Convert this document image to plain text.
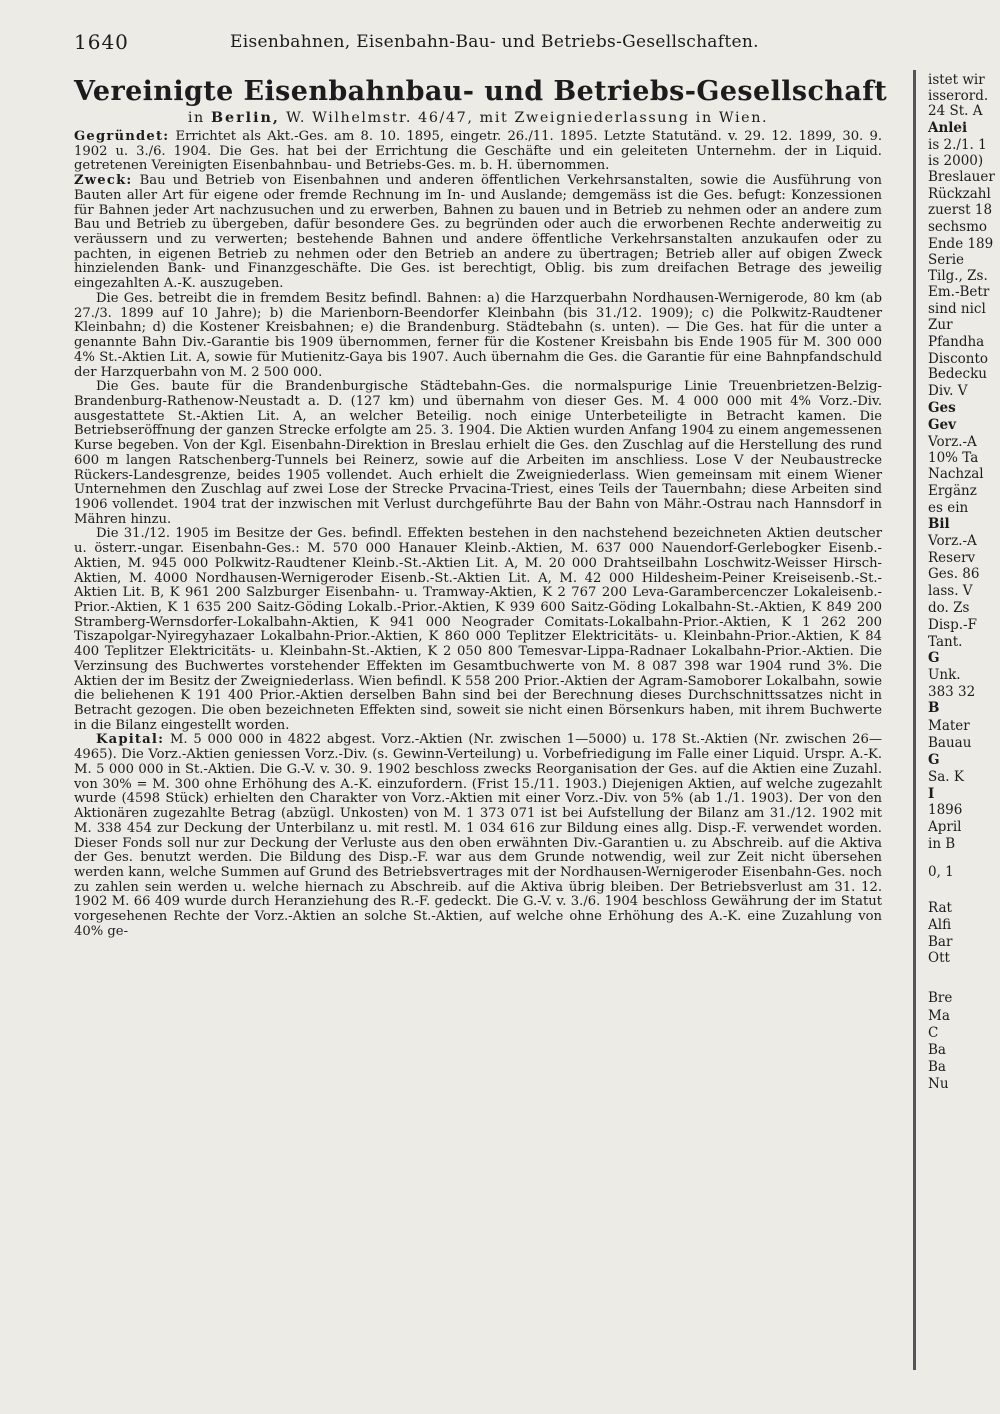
1640	Eisenbahnen, Eisenbahn-Bau- und Betriebs-Gesellschaften.
Vereinigte Eisenbahnbau- und Betriebs-Gesellschaft
in Berlin, W. Wilhelmstr. 46/47, mit Zweigniederlassung in Wien.

Gegründet: Errichtet als Akt.-Ges. am 8. 10. 1895, eingetr. 26./11. 1895. Letzte Statutänd. v. 29. 12. 1899, 30. 9. 1902 u. 3./6. 1904. Die Ges. hat bei der Errichtung die Geschäfte und ein geleiteten Unternehm. der in Liquid. getretenen Vereinigten Eisenbahnbau- und Betriebs-Ges. m. b. H. übernommen.

Zweck: Bau und Betrieb von Eisenbahnen und anderen öffentlichen Verkehrsanstalten, sowie die Ausführung von Bauten aller Art für eigene oder fremde Rechnung im In- und Auslande; demgemäss ist die Ges. befugt: Konzessionen für Bahnen jeder Art nachzusuchen und zu erwerben, Bahnen zu bauen und in Betrieb zu nehmen oder an andere zum Bau und Betrieb zu übergeben, dafür besondere Ges. zu begründen oder auch die erworbenen Rechte anderweitig zu veräussern und zu verwerten; bestehende Bahnen und andere öffentliche Verkehrsanstalten anzukaufen oder zu pachten, in eigenen Betrieb zu nehmen oder den Betrieb an andere zu übertragen; Betrieb aller auf obigen Zweck hinzielenden Bank- und Finanzgeschäfte. Die Ges. ist berechtigt, Oblig. bis zum dreifachen Betrage des jeweilig eingezahlten A.-K. auszugeben.

Die Ges. betreibt die in fremdem Besitz befindl. Bahnen: a) die Harzquerbahn Nordhausen-Wernigerode, 80 km (ab 27./3. 1899 auf 10 Jahre); b) die Marienborn-Beendorfer Kleinbahn (bis 31./12. 1909); c) die Polkwitz-Raudtener Kleinbahn; d) die Kostener Kreisbahnen; e) die Brandenburg. Städtebahn (s. unten). — Die Ges. hat für die unter a genannte Bahn Div.-Garantie bis 1909 übernommen, ferner für die Kostener Kreisbahn bis Ende 1905 für M. 300 000 4% St.-Aktien Lit. A, sowie für Mutienitz-Gaya bis 1907. Auch übernahm die Ges. die Garantie für eine Bahnpfandschuld der Harzquerbahn von M. 2 500 000.

Die Ges. baute für die Brandenburgische Städtebahn-Ges. die normalspurige Linie Treuenbrietzen-Belzig-Brandenburg-Rathenow-Neustadt a. D. (127 km) und übernahm von dieser Ges. M. 4 000 000 mit 4% Vorz.-Div. ausgestattete St.-Aktien Lit. A, an welcher Beteilig. noch einige Unterbeteiligte in Betracht kamen. Die Betriebseröffnung der ganzen Strecke erfolgte am 25. 3. 1904. Die Aktien wurden Anfang 1904 zu einem angemessenen Kurse begeben. Von der Kgl. Eisenbahn-Direktion in Breslau erhielt die Ges. den Zuschlag auf die Herstellung des rund 600 m langen Ratschenberg-Tunnels bei Reinerz, sowie auf die Arbeiten im anschliess. Lose V der Neubaustrecke Rückers-Landesgrenze, beides 1905 vollendet. Auch erhielt die Zweigniederlass. Wien gemeinsam mit einem Wiener Unternehmen den Zuschlag auf zwei Lose der Strecke Prvacina-Triest, eines Teils der Tauernbahn; diese Arbeiten sind 1906 vollendet. 1904 trat der inzwischen mit Verlust durchgeführte Bau der Bahn von Mähr.-Ostrau nach Hannsdorf in Mähren hinzu.

Die 31./12. 1905 im Besitze der Ges. befindl. Effekten bestehen in den nachstehend bezeichneten Aktien deutscher u. österr.-ungar. Eisenbahn-Ges.: M. 570 000 Hanauer Kleinb.-Aktien, M. 637 000 Nauendorf-Gerlebogker Eisenb.-Aktien, M. 945 000 Polkwitz-Raudtener Kleinb.-St.-Aktien Lit. A, M. 20 000 Drahtseilbahn Loschwitz-Weisser Hirsch-Aktien, M. 4000 Nordhausen-Wernigeroder Eisenb.-St.-Aktien Lit. A, M. 42 000 Hildesheim-Peiner Kreiseisenb.-St.-Aktien Lit. B, K 961 200 Salzburger Eisenbahn- u. Tramway-Aktien, K 2 767 200 Leva-Garambercenczer Lokaleisenb.-Prior.-Aktien, K 1 635 200 Saitz-Göding Lokalb.-Prior.-Aktien, K 939 600 Saitz-Göding Lokalbahn-St.-Aktien, K 849 200 Stramberg-Wernsdorfer-Lokalbahn-Aktien, K 941 000 Neograder Comitats-Lokalbahn-Prior.-Aktien, K 1 262 200 Tiszapolgar-Nyiregyhazaer Lokalbahn-Prior.-Aktien, K 860 000 Teplitzer Elektricitäts- u. Kleinbahn-Prior.-Aktien, K 84 400 Teplitzer Elektricitäts- u. Kleinbahn-St.-Aktien, K 2 050 800 Temesvar-Lippa-Radnaer Lokalbahn-Prior.-Aktien. Die Verzinsung des Buchwertes vorstehender Effekten im Gesamtbuchwerte von M. 8 087 398 war 1904 rund 3%. Die Aktien der im Besitz der Zweigniederlass. Wien befindl. K 558 200 Prior.-Aktien der Agram-Samoborer Lokalbahn, sowie die beliehenen K 191 400 Prior.-Aktien derselben Bahn sind bei der Berechnung dieses Durchschnittssatzes nicht in Betracht gezogen. Die oben bezeichneten Effekten sind, soweit sie nicht einen Börsenkurs haben, mit ihrem Buchwerte in die Bilanz eingestellt worden.

Kapital: M. 5 000 000 in 4822 abgest. Vorz.-Aktien (Nr. zwischen 1—5000) u. 178 St.-Aktien (Nr. zwischen 26—4965). Die Vorz.-Aktien geniessen Vorz.-Div. (s. Gewinn-Verteilung) u. Vorbefriedigung im Falle einer Liquid. Urspr. A.-K. M. 5 000 000 in St.-Aktien. Die G.-V. v. 30. 9. 1902 beschloss zwecks Reorganisation der Ges. auf die Aktien eine Zuzahl. von 30% = M. 300 ohne Erhöhung des A.-K. einzufordern. (Frist 15./11. 1903.) Diejenigen Aktien, auf welche zugezahlt wurde (4598 Stück) erhielten den Charakter von Vorz.-Aktien mit einer Vorz.-Div. von 5% (ab 1./1. 1903). Der von den Aktionären zugezahlte Betrag (abzügl. Unkosten) von M. 1 373 071 ist bei Aufstellung der Bilanz am 31./12. 1902 mit M. 338 454 zur Deckung der Unterbilanz u. mit restl. M. 1 034 616 zur Bildung eines allg. Disp.-F. verwendet worden. Dieser Fonds soll nur zur Deckung der Verluste aus den oben erwähnten Div.-Garantien u. zu Abschreib. auf die Aktiva der Ges. benutzt werden. Die Bildung des Disp.-F. war aus dem Grunde notwendig, weil zur Zeit nicht übersehen werden kann, welche Summen auf Grund des Betriebsvertrages mit der Nordhausen-Wernigeroder Eisenbahn-Ges. noch zu zahlen sein werden u. welche hiernach zu Abschreib. auf die Aktiva übrig bleiben. Der Betriebsverlust am 31. 12. 1902 M. 66 409 wurde durch Heranziehung des R.-F. gedeckt. Die G.-V. v. 3./6. 1904 beschloss Gewährung der im Statut vorgesehenen Rechte der Vorz.-Aktien an solche St.-Aktien, auf welche ohne Erhöhung des A.-K. eine Zuzahlung von 40% ge-

istet wir
isserord.
24 St. A
Anlei
is 2./1. 1
is 2000)
Breslauer
Rückzahl
zuerst 18
sechsmo
Ende 189
Serie
Tilg., Zs.
Em.-Betr
sind nicl
Zur
Pfandha
Disconto
Bedecku
Div. V
Ges
Gev
Vorz.-A
10% Ta
Nachzal
Ergänz
es ein
Bil
Vorz.-A
Reserv
Ges. 86
lass. V
do. Zs
Disp.-F
Tant.
G
Unk.
383 32
B
Mater
Bauau
G
Sa. K
I
1896
April
in B
0, 1
Rat
Alfi
Bar
Ott
Bre
Ma
C
Ba
Ba
Nu
